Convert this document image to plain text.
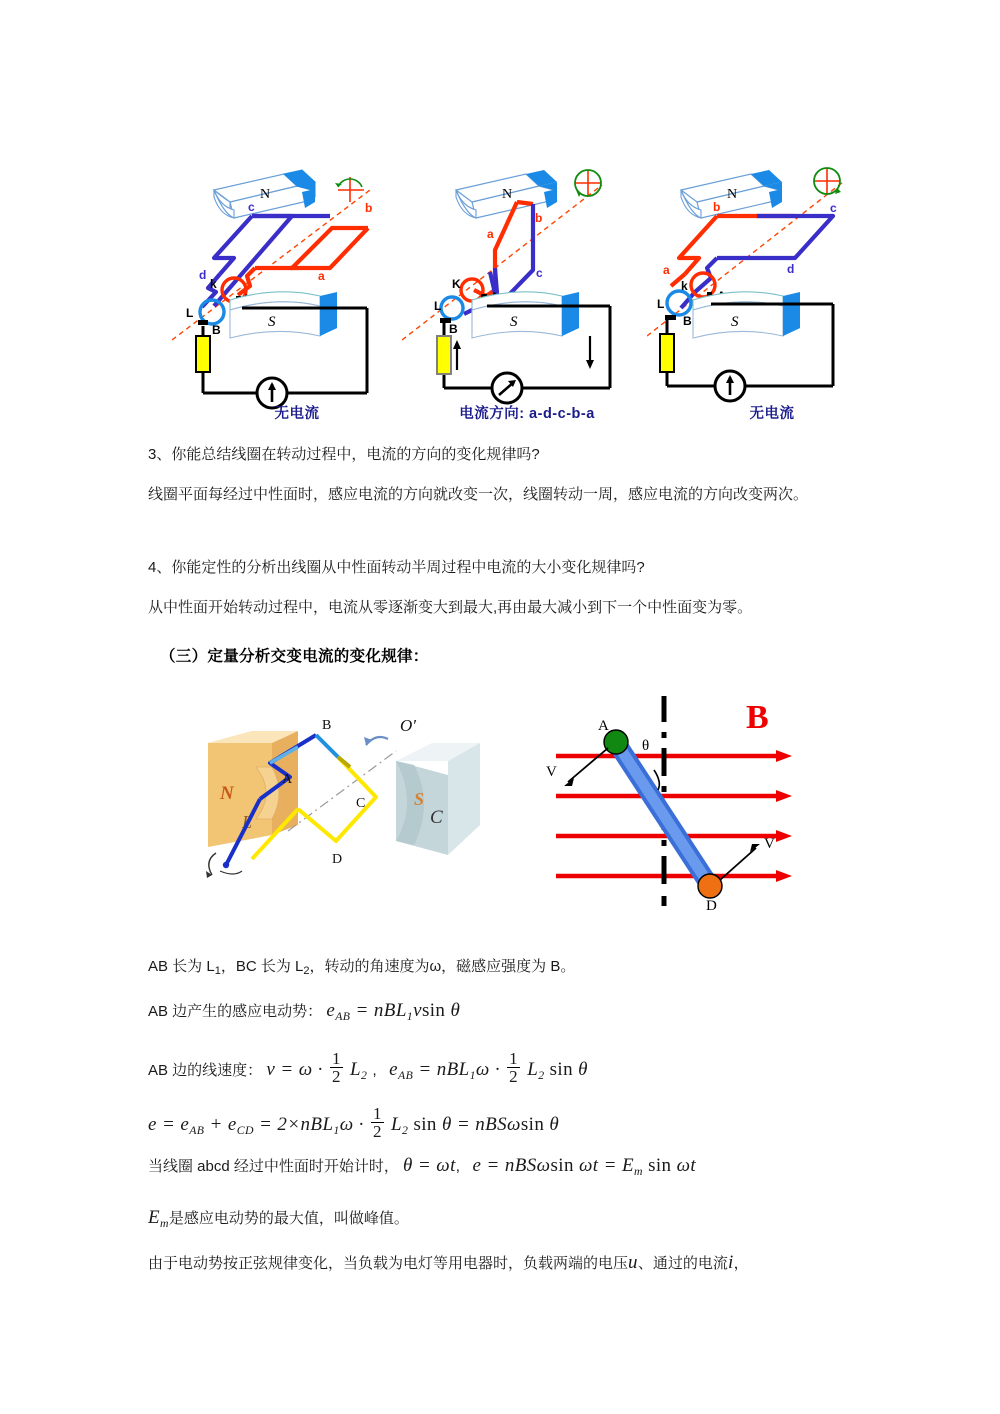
N
c	b
a
d
k
L
B	S
无电流
N
a
b
c
K
L
B	S
电流方向: a-d-c-b-a
N
b	c
a	d
k
L
B	S
无电流
3、你能总结线圈在转动过程中，电流的方向的变化规律吗?
线圈平面每经过中性面时，感应电流的方向就改变一次，线圈转动一周，感应电流的方向改变两次。
4、你能定性的分析出线圈从中性面转动半周过程中电流的大小变化规律吗?
从中性面开始转动过程中，电流从零逐渐变大到最大,再由最大减小到下一个中性面变为零。
（三）定量分析交变电流的变化规律：
N
L
S
C
O′
B
A
C
D
V
V
θ
A
D
B
AB 长为 L1，BC 长为 L2，转动的角速度为ω，磁感应强度为 B。
AB 边产生的感应电动势： $e_{AB} = nBL_1vsin$ θ
AB 边的线速度： $v = \omega \cdot \frac{1}{2} L_2$ ,   $e_{AB} = nBL_1\omega \cdot \frac{1}{2} L_2$ sin θ
$e = e_{AB} + e_{CD} = 2\times nBL_1\omega \cdot \frac{1}{2} L_2$ sin θ = nBSωsin θ
当线圈 abcd 经过中性面时开始计时， θ = ωt,   e = nBSωsin $\omega t = E_m$ sin ωt
$E_m$是感应电动势的最大值，叫做峰值。
由于电动势按正弦规律变化，当负载为电灯等用电器时，负载两端的电压u、通过的电流i，
